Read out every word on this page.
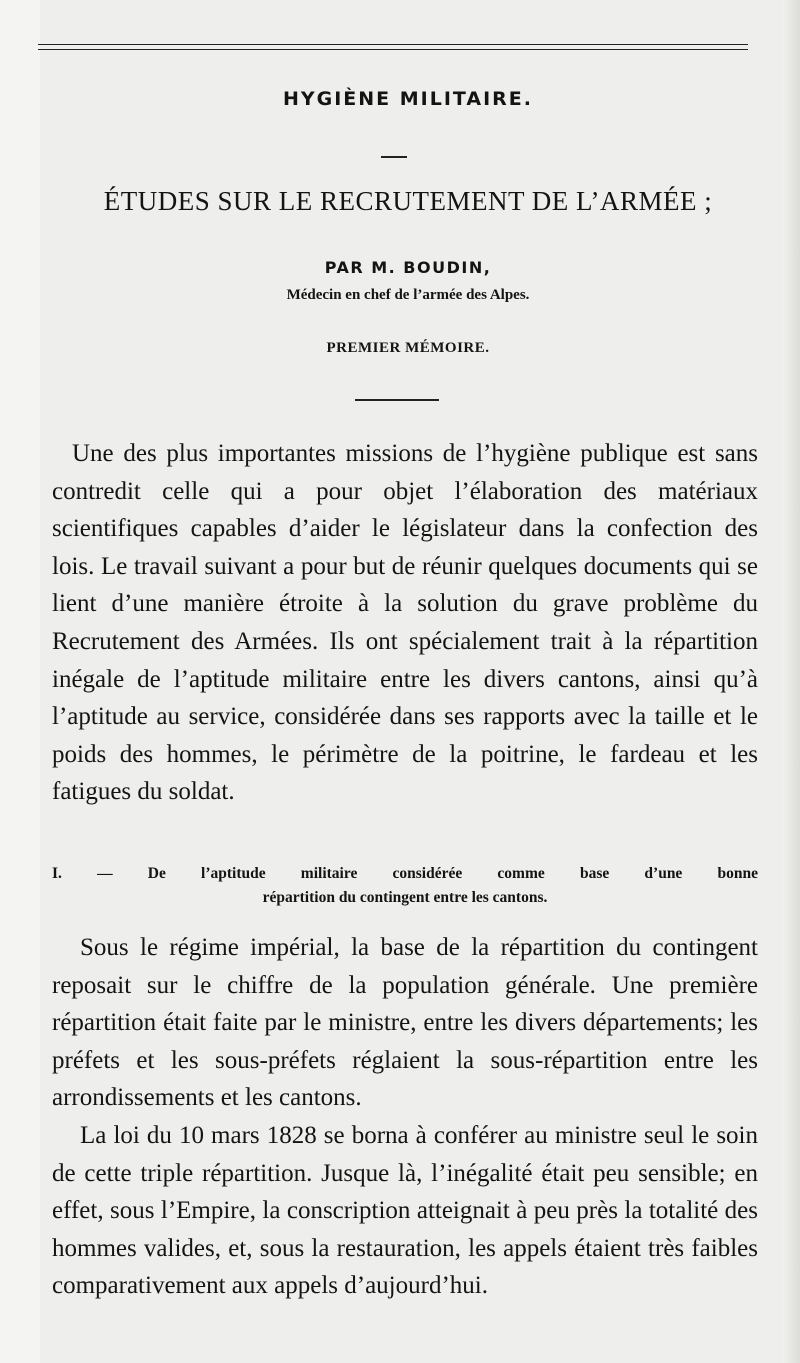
HYGIÈNE MILITAIRE.
ÉTUDES SUR LE RECRUTEMENT DE L’ARMÉE ;
PAR M. BOUDIN,
Médecin en chef de l’armée des Alpes.
PREMIER MÉMOIRE.

Une des plus importantes missions de l’hygiène publique est sans contredit celle qui a pour objet l’élaboration des matériaux scientifiques capables d’aider le législateur dans la confection des lois. Le travail suivant a pour but de réunir quelques documents qui se lient d’une manière étroite à la solution du grave problème du Recrutement des Armées. Ils ont spécialement trait à la répartition inégale de l’aptitude militaire entre les divers cantons, ainsi qu’à l’aptitude au service, considérée dans ses rapports avec la taille et le poids des hommes, le périmètre de la poitrine, le fardeau et les fatigues du soldat.

I. — De l’aptitude militaire considérée comme base d’une bonne
répartition du contingent entre les cantons.

Sous le régime impérial, la base de la répartition du contingent reposait sur le chiffre de la population générale. Une première répartition était faite par le ministre, entre les divers départements; les préfets et les sous-préfets réglaient la sous-répartition entre les arrondissements et les cantons.

La loi du 10 mars 1828 se borna à conférer au ministre seul le soin de cette triple répartition. Jusque là, l’inégalité était peu sensible; en effet, sous l’Empire, la conscription atteignait à peu près la totalité des hommes valides, et, sous la restauration, les appels étaient très faibles comparativement aux appels d’aujourd’hui.
